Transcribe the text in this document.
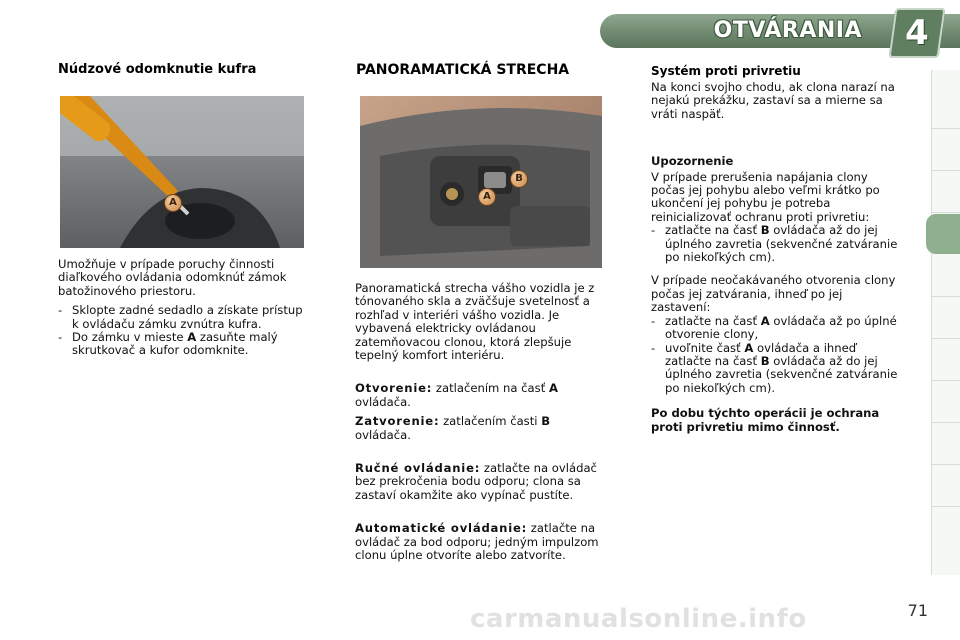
OTVÁRANIA	4
Núdzové odomknutie kufra
A

Umožňuje v prípade poruchy činnosti diaľkového ovládania odomknúť zámok batožinového priestoru.

- Sklopte zadné sedadlo a získate prístup k ovládaču zámku zvnútra kufra.
- Do zámku v mieste A zasuňte malý skrutkovač a kufor odomknite.
PANORAMATICKÁ STRECHA
A
B

Panoramatická strecha vášho vozidla je z tónovaného skla a zväčšuje svetelnosť a rozhľad v interiéri vášho vozidla. Je vybavená elektricky ovládanou zatemňovacou clonou, ktorá zlepšuje tepelný komfort interiéru.

Otvorenie: zatlačením na časť A ovládača.

Zatvorenie: zatlačením časti B ovládača.

Ručné ovládanie: zatlačte na ovládač bez prekročenia bodu odporu; clona sa zastaví okamžite ako vypínač pustíte.

Automatické ovládanie: zatlačte na ovládač za bod odporu; jedným impulzom clonu úplne otvoríte alebo zatvoríte.

Systém proti privretiu

Na konci svojho chodu, ak clona narazí na nejakú prekážku, zastaví sa a mierne sa vráti naspäť.

Upozornenie

V prípade prerušenia napájania clony počas jej pohybu alebo veľmi krátko po ukončení jej pohybu je potreba reinicializovať ochranu proti privretiu:

- zatlačte na časť B ovládača až do jej úplného zavretia (sekvenčné zatváranie po niekoľkých cm).

V prípade neočakávaného otvorenia clony počas jej zatvárania, ihneď po jej zastavení:

- zatlačte na časť A ovládača až po úplné otvorenie clony,
- uvoľnite časť A ovládača a ihneď zatlačte na časť B ovládača až do jej úplného zavretia (sekvenčné zatváranie po niekoľkých cm).

Po dobu týchto operácii je ochrana proti privretiu mimo činnosť.

carmanualsonline.info	71
